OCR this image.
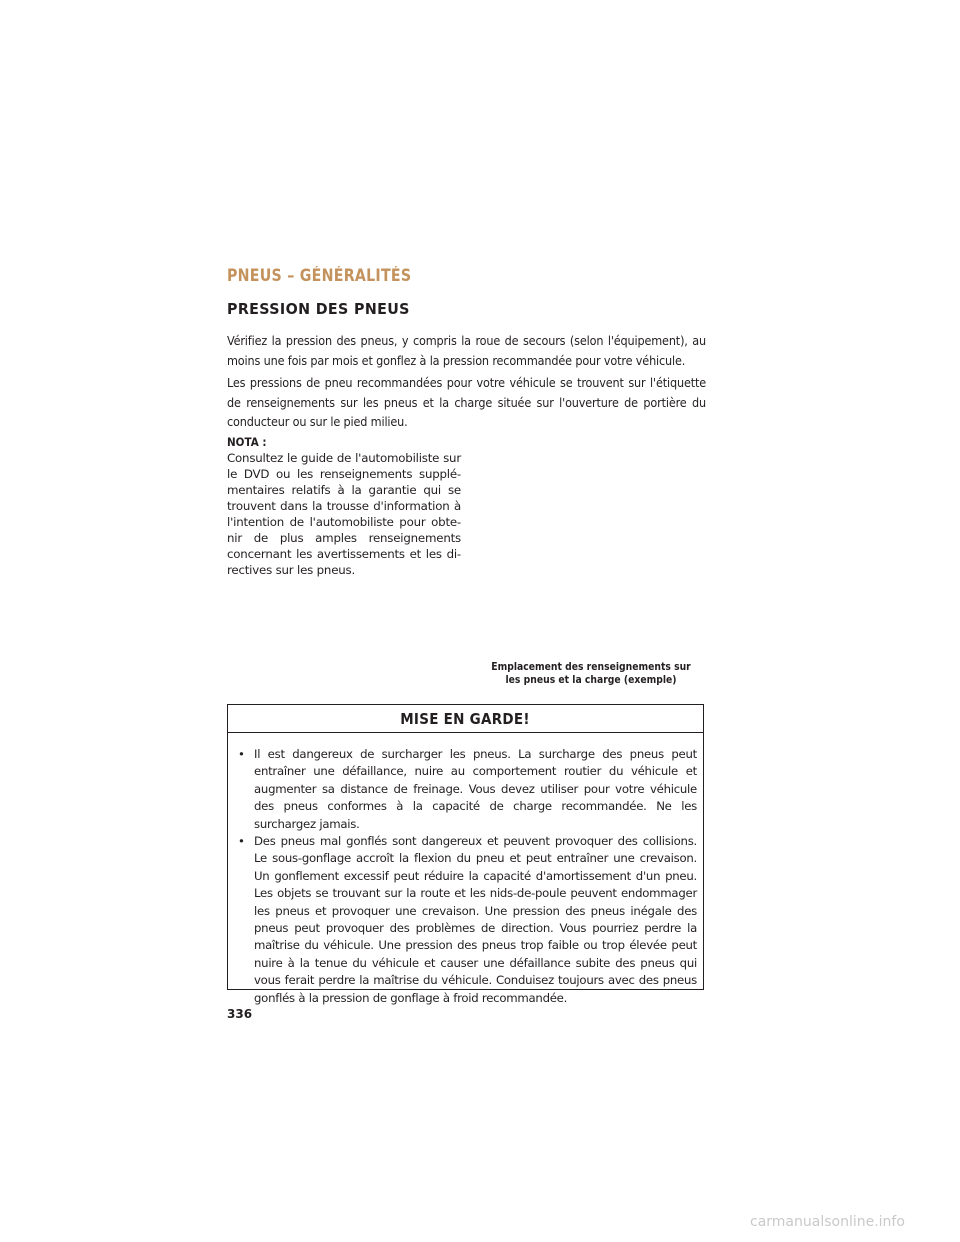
PNEUS – GÉNÉRALITÉS
PRESSION DES PNEUS

Vérifiez la pression des pneus, y compris la roue de secours (selon l'équipement), au moins une fois par mois et gonflez à la pression recommandée pour votre véhicule.

Les pressions de pneu recommandées pour votre véhicule se trouvent sur l'étiquette de renseignements sur les pneus et la charge située sur l'ouverture de portière du conducteur ou sur le pied milieu.

NOTA :

Consultez le guide de l'automobiliste sur le DVD ou les renseignements supplé-mentaires relatifs à la garantie qui se trouvent dans la trousse d'information à l'intention de l'automobiliste pour obte-nir de plus amples renseignements concernant les avertissements et les di-rectives sur les pneus.

Emplacement des renseignements sur les pneus et la charge (exemple)

MISE EN GARDE!
• Il est dangereux de surcharger les pneus. La surcharge des pneus peut entraîner une défaillance, nuire au comportement routier du véhicule et augmenter sa distance de freinage. Vous devez utiliser pour votre véhicule des pneus conformes à la capacité de charge recommandée. Ne les surchargez jamais.
• Des pneus mal gonflés sont dangereux et peuvent provoquer des collisions. Le sous-gonflage accroît la flexion du pneu et peut entraîner une crevaison. Un gonflement excessif peut réduire la capacité d'amortissement d'un pneu. Les objets se trouvant sur la route et les nids-de-poule peuvent endommager les pneus et provoquer une crevaison. Une pression des pneus inégale des pneus peut provoquer des problèmes de direction. Vous pourriez perdre la maîtrise du véhicule. Une pression des pneus trop faible ou trop élevée peut nuire à la tenue du véhicule et causer une défaillance subite des pneus qui vous ferait perdre la maîtrise du véhicule. Conduisez toujours avec des pneus gonflés à la pression de gonflage à froid recommandée.

336

carmanualsonline.info
